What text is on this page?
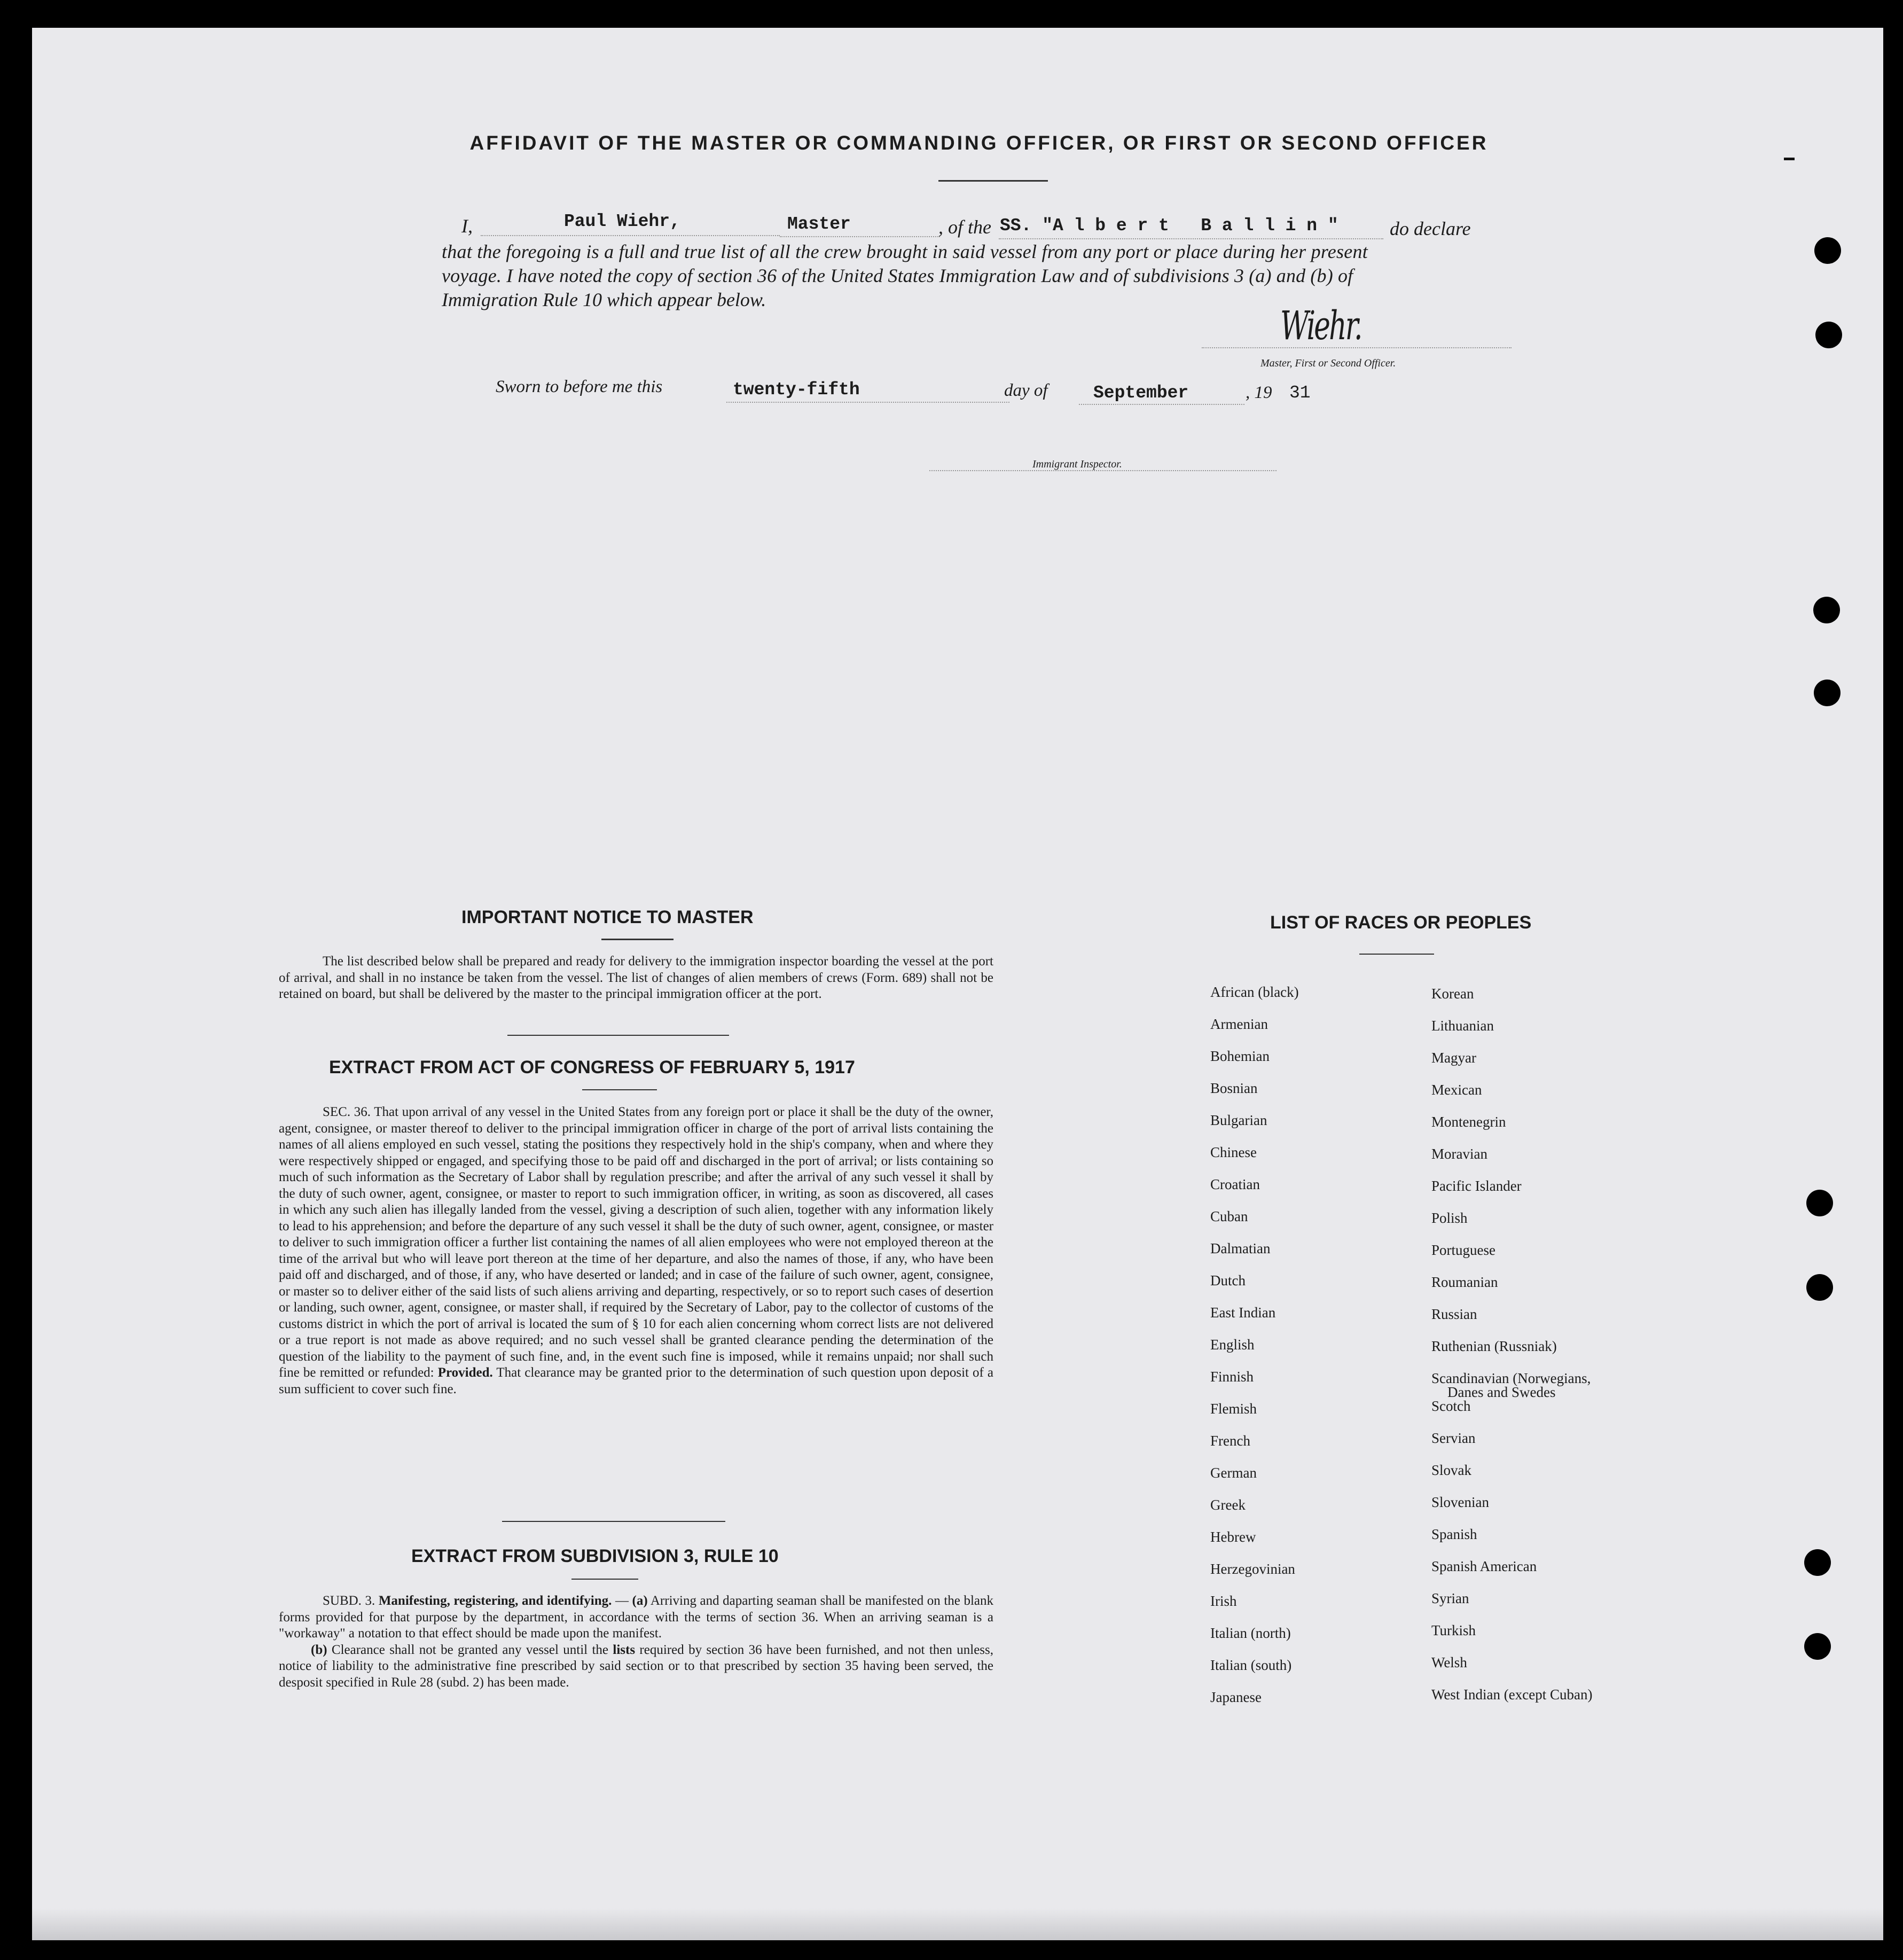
AFFIDAVIT OF THE MASTER OR COMMANDING OFFICER, OR FIRST OR SECOND OFFICER
I,	Paul Wiehr,	Master	, of the SS. "A l b e r t   B a l l i n "	do declare
that the foregoing is a full and true list of all the crew brought in said vessel from any port or place during her present
voyage. I have noted the copy of section 36 of the United States Immigration Law and of subdivisions 3 (a) and (b) of
Immigration Rule 10 which appear below.
Wiehr.
Master, First or Second Officer.
Sworn to before me this	twenty-fifth	day of	September	, 19 31
Immigrant Inspector.
IMPORTANT NOTICE TO MASTER

The list described below shall be prepared and ready for delivery to the immigration inspector boarding the vessel at the port of arrival, and shall in no instance be taken from the vessel. The list of changes of alien members of crews (Form. 689) shall not be retained on board, but shall be delivered by the master to the principal immigration officer at the port.

EXTRACT FROM ACT OF CONGRESS OF FEBRUARY 5, 1917

SEC. 36. That upon arrival of any vessel in the United States from any foreign port or place it shall be the duty of the owner, agent, consignee, or master thereof to deliver to the principal immigration officer in charge of the port of arrival lists containing the names of all aliens employed en such vessel, stating the positions they respectively hold in the ship's company, when and where they were respectively shipped or engaged, and specifying those to be paid off and discharged in the port of arrival; or lists containing so much of such information as the Secretary of Labor shall by regulation prescribe; and after the arrival of any such vessel it shall by the duty of such owner, agent, consignee, or master to report to such immigration officer, in writing, as soon as discovered, all cases in which any such alien has illegally landed from the vessel, giving a description of such alien, together with any information likely to lead to his apprehension; and before the departure of any such vessel it shall be the duty of such owner, agent, consignee, or master to deliver to such immigration officer a further list containing the names of all alien employees who were not employed thereon at the time of the arrival but who will leave port thereon at the time of her departure, and also the names of those, if any, who have been paid off and discharged, and of those, if any, who have deserted or landed; and in case of the failure of such owner, agent, consignee, or master so to deliver either of the said lists of such aliens arriving and departing, respectively, or so to report such cases of desertion or landing, such owner, agent, consignee, or master shall, if required by the Secretary of Labor, pay to the collector of customs of the customs district in which the port of arrival is located the sum of § 10 for each alien concerning whom correct lists are not delivered or a true report is not made as above required; and no such vessel shall be granted clearance pending the determination of the question of the liability to the payment of such fine, and, in the event such fine is imposed, while it remains unpaid; nor shall such fine be remitted or refunded: Provided. That clearance may be granted prior to the determination of such question upon deposit of a sum sufficient to cover such fine.

EXTRACT FROM SUBDIVISION 3, RULE 10

SUBD. 3. Manifesting, registering, and identifying. — (a) Arriving and daparting seaman shall be manifested on the blank forms provided for that purpose by the department, in accordance with the terms of section 36. When an arriving seaman is a "workaway" a notation to that effect should be made upon the manifest.

(b) Clearance shall not be granted any vessel until the lists required by section 36 have been furnished, and not then unless, notice of liability to the administrative fine prescribed by said section or to that prescribed by section 35 having been served, the desposit specified in Rule 28 (subd. 2) has been made.

LIST OF RACES OR PEOPLES
African (black)
Armenian
Bohemian
Bosnian
Bulgarian
Chinese
Croatian
Cuban
Dalmatian
Dutch
East Indian
English
Finnish
Flemish
French
German
Greek
Hebrew
Herzegovinian
Irish
Italian (north)
Italian (south)
Japanese
Korean
Lithuanian
Magyar
Mexican
Montenegrin
Moravian
Pacific Islander
Polish
Portuguese
Roumanian
Russian
Ruthenian (Russniak)
Scandinavian (Norwegians,
Danes and Swedes
Scotch
Servian
Slovak
Slovenian
Spanish
Spanish American
Syrian
Turkish
Welsh
West Indian (except Cuban)
